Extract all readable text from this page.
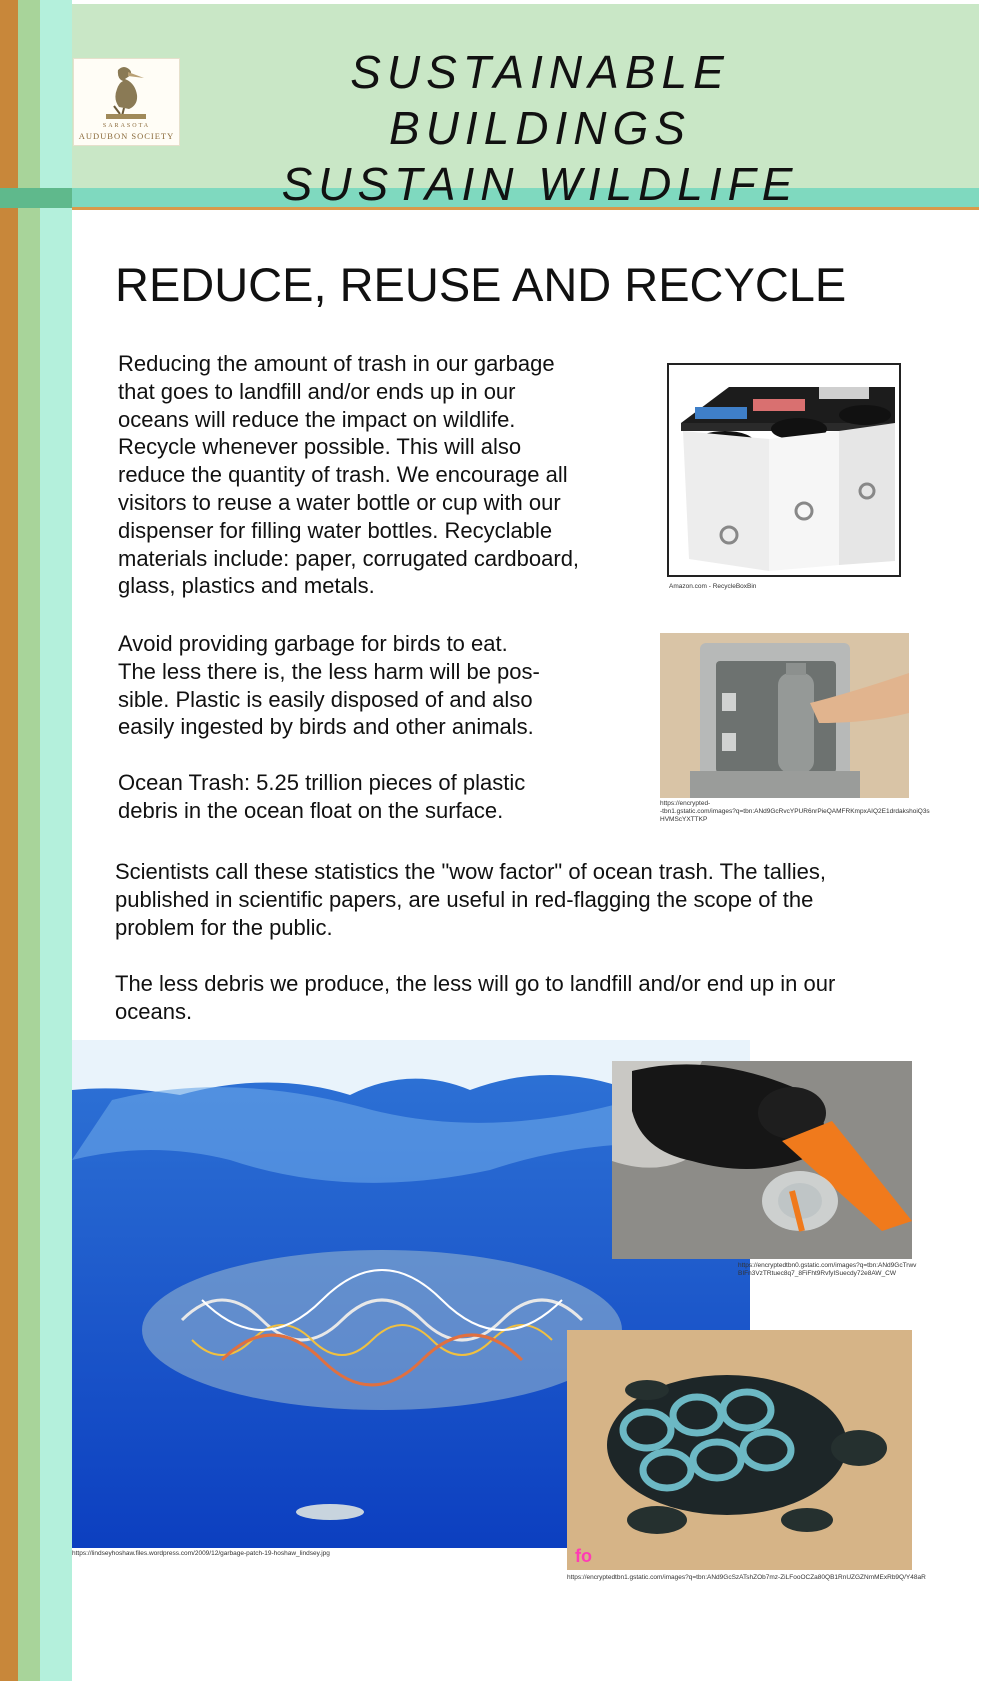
SARASOTA
AUDUBON SOCIETY
SUSTAINABLE BUILDINGS
SUSTAIN WILDLIFE
REDUCE, REUSE AND RECYCLE
Reducing the amount of trash in our garbage
that goes to landfill and/or ends up in our
oceans will reduce the impact on wildlife.
Recycle whenever possible. This will also
reduce the quantity of trash. We encourage all
visitors to reuse a water bottle or cup with our
dispenser for filling water bottles. Recyclable
materials include: paper, corrugated cardboard,
glass, plastics and metals.
Avoid providing garbage for birds to eat.
The less there is, the less harm will be pos-
sible. Plastic is easily disposed of and also
easily ingested by birds and other animals.
Ocean Trash: 5.25 trillion pieces of plastic
debris in the ocean float on the surface.
Scientists call these statistics the "wow factor" of ocean trash. The tallies,
published in scientific papers, are useful in red-flagging the scope of the
problem for the public.
The less debris we produce, the less will go to landfill and/or end up in our
oceans.
Amazon.com - RecycleBoxBin
https://encrypted-
-tbn1.gstatic.com/images?q=tbn:ANd9GcRvcYPUR6nrPieQAMFRKmpxAIQ2E1drdakshoiQ3s
HVMScYXTTKP
https://lindseyhoshaw.files.wordpress.com/2009/12/garbage-patch-19-hoshaw_lindsey.jpg
https://encryptedtbn0.gstatic.com/images?q=tbn:ANd9GcTrwv
BIFn3VzTRtuec8q7_8FiFht9RvfyISuecdy72e8AW_CW
fo
https://encryptedtbn1.gstatic.com/images?q=tbn:ANd9GcSzATshZOb7mz-ZiLFooOCZa80QB1RnUZGZNmMExRb9Q/Y48aR
